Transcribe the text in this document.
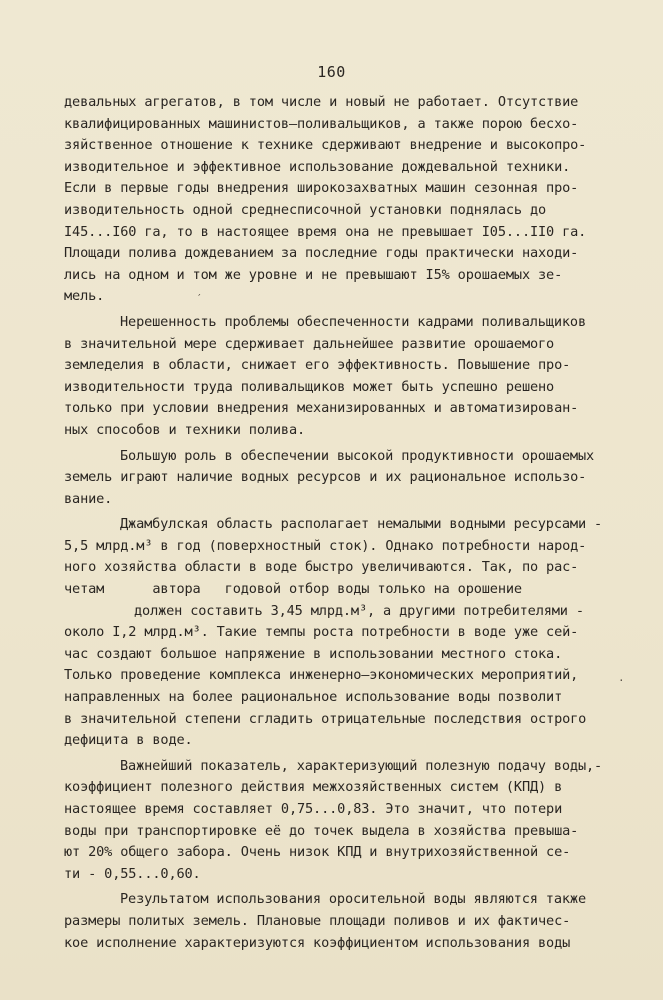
160
девальных агрегатов, в том числе и новый не работает. Отсутствие
квалифицированных машинистов–поливальщиков, а также порою бесхо-
зяйственное отношение к технике сдерживают внедрение и высокопро-
изводительное и эффективное использование дождевальной техники.
Если в первые годы внедрения широкозахватных машин сезонная про-
изводительность одной среднесписочной установки поднялась до
I45...I60 га, то в настоящее время она не превышает I05...II0 га.
Площади полива дождеванием за последние годы практически находи-
лись на одном и том же уровне и не превышают I5% орошаемых зе-
мель.
Нерешенность проблемы обеспеченности кадрами поливальщиков
в значительной мере сдерживает дальнейшее развитие орошаемого
земледелия в области, снижает его эффективность. Повышение про-
изводительности труда поливальщиков может быть успешно решено
только при условии внедрения механизированных и автоматизирован-
ных способов и техники полива.
Большую роль в обеспечении высокой продуктивности орошаемых
земель играют наличие водных ресурсов и их рациональное использо-
вание.
Джамбулская область располагает немалыми водными ресурсами -
5,5 млрд.м³ в год (поверхностный сток). Однако потребности народ-
ного хозяйства области в воде быстро увеличиваются. Так, по рас-
четам      автора   годовой отбор воды только на орошение
должен составить 3,45 млрд.м³, а другими потребителями -
около I,2 млрд.м³. Такие темпы роста потребности в воде уже сей-
час создают большое напряжение в использовании местного стока.
Только проведение комплекса инженерно–экономических мероприятий,
направленных на более рациональное использование воды позволит
в значительной степени сгладить отрицательные последствия острого
дефицита в воде.
Важнейший показатель, характеризующий полезную подачу воды,-
коэффициент полезного действия межхозяйственных систем (КПД) в
настоящее время составляет 0,75...0,83. Это значит, что потери
воды при транспортировке её до точек выдела в хозяйства превыша-
ют 20% общего забора. Очень низок КПД и внутрихозяйственной се-
ти - 0,55...0,60.
Результатом использования оросительной воды являются также
размеры политых земель. Плановые площади поливов и их фактичес-
кое исполнение характеризуются коэффициентом использования воды
′
·
